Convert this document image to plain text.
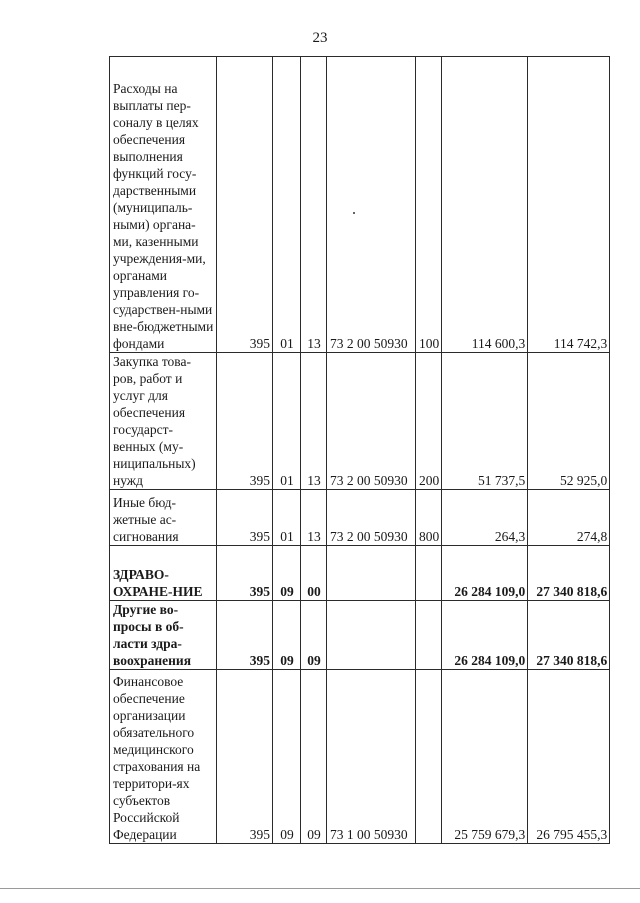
23
Расходы на выплаты пер-соналу в целях обеспечения выполнения функций госу-дарственными (муниципаль-ными) органа-ми, казенными учреждения-ми, органами управления го-сударствен-ными вне-бюджетными фондами	395	01	13	73 2 00 50930	100	114 600,3	114 742,3
Закупка това-ров, работ и услуг для обеспечения государст-венных (му-ниципальных) нужд	395	01	13	73 2 00 50930	200	51 737,5	52 925,0
Иные бюд-жетные ас-сигнования	395	01	13	73 2 00 50930	800	264,3	274,8
ЗДРАВО-ОХРАНЕ-НИЕ	395	09	00			26 284 109,0	27 340 818,6
Другие во-просы в об-ласти здра-воохранения	395	09	09			26 284 109,0	27 340 818,6
Финансовое обеспечение организации обязательного медицинского страхования на территори-ях субъектов Российской Федерации	395	09	09	73 1 00 50930		25 759 679,3	26 795 455,3
